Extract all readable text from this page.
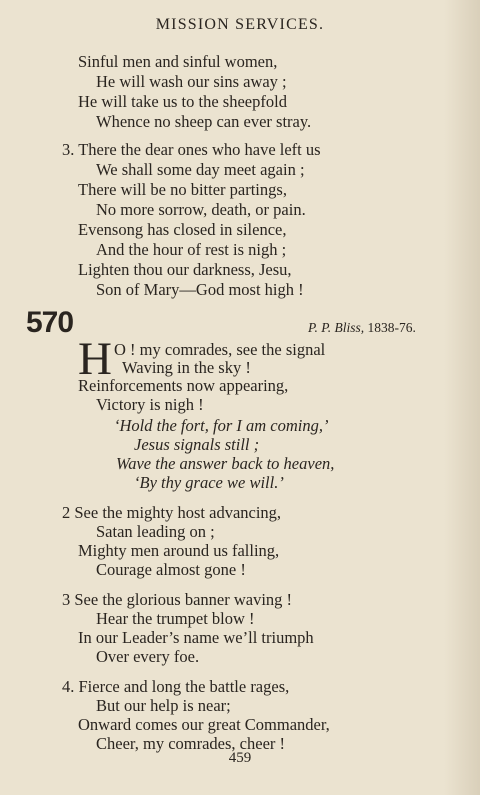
MISSION SERVICES.
Sinful men and sinful women,
He will wash our sins away ;
He will take us to the sheepfold
Whence no sheep can ever stray.
3. There the dear ones who have left us
We shall some day meet again ;
There will be no bitter partings,
No more sorrow, death, or pain.
Evensong has closed in silence,
And the hour of rest is nigh ;
Lighten thou our darkness, Jesu,
Son of Mary—God most high !
570	P. P. Bliss, 1838-76.
H O ! my comrades, see the signal
Waving in the sky !
Reinforcements now appearing,
Victory is nigh !
‘Hold the fort, for I am coming,’
Jesus signals still ;
Wave the answer back to heaven,
‘By thy grace we will.’
2 See the mighty host advancing,
Satan leading on ;
Mighty men around us falling,
Courage almost gone !
3 See the glorious banner waving !
Hear the trumpet blow !
In our Leader’s name we’ll triumph
Over every foe.
4. Fierce and long the battle rages,
But our help is near;
Onward comes our great Commander,
Cheer, my comrades, cheer !
459
